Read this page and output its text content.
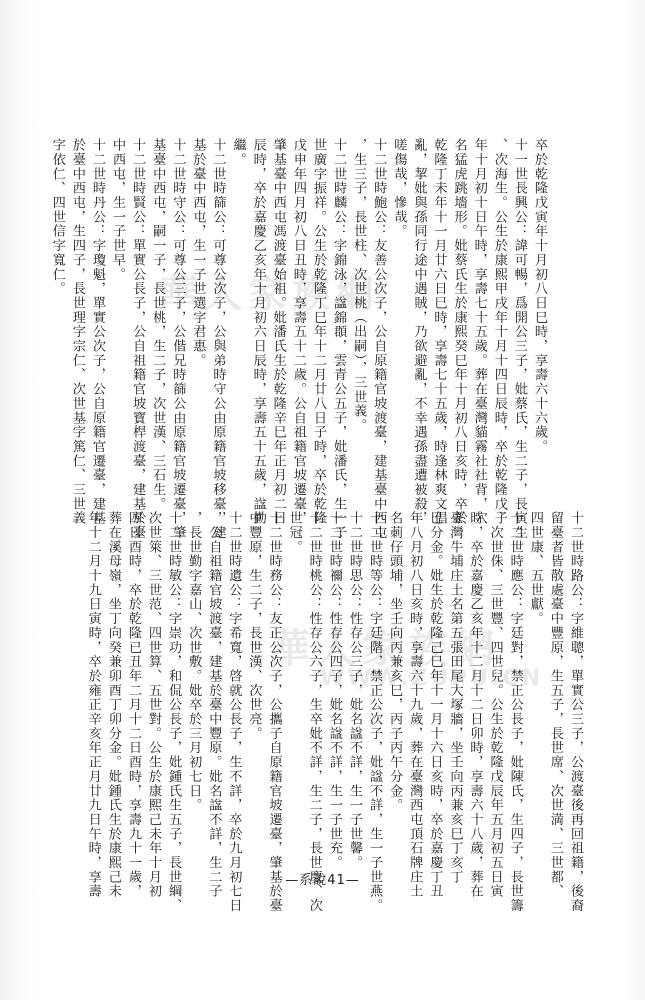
華人家族網
華人家族網
WWW.ZUPU.CN
卒於乾隆戊寅年十月初八日巳時，享壽六十六歲。
十一世長興公：諱可暢，爲開公三子，妣蔡氏，生二子，長寅生
、次海生。公生於康熙甲戌年十月十四日辰時，卒於乾隆戊子
年十月初十日午時，享壽七十五歲。葬在臺灣貓霧社社背，穴
名猛虎跳墻形。妣蔡氏生於康熙癸巳年十月初八日亥時，卒於
乾隆丁未年十一月廿六日巳時，享壽七十五歲，時逢林爽文倡
亂，挈妣與孫同行途中遇賊，乃欲避亂，不幸遇孫盡遭被殺，
嗟傷哉，慘哉。
十二世時鮑公：友善公次子，公自原籍官坡渡臺，建基臺中西屯
，生三子，長世柱、次世桃（出嗣），三世義。
十二世時麟公：字錦泳，諡錦頵，雲青公五子，妣潘氏，生一子
世廣字振祥。公生於乾隆丁巳年十二月廿八日子時，卒於乾隆
戊申年四月初八日丑時，享壽五十二歲。公自祖籍官坡遷臺，
肇基臺中西屯馮渡臺始祖。妣潘氏生於乾隆辛巳年正月初二日
辰時，卒於嘉慶乙亥年十月初六日辰時，享壽五十五歲，諡勤
繼。
十二世時篩公：可尊公次子，公與弟時守公由原籍官坡移臺，建
基於臺中西屯，生一子世選字君惠。
十二世時守公：可尊公三子，公偕兄時篩公由原籍官坡遷臺，肇
基臺中西屯，嗣一子，長世桃，生二子，次世漢、三石生。
十二世時賢公：單實公長子，公自祖籍官坡寶桿渡臺，建基於臺
中西屯，生一子世早。
十二世時丹公：字瓊魁，單實公次子，公自原籍官遷臺，建基
於臺中西屯，生四子，長世理字宗仁、次世基字篤仁、三世義
字依仁、四世信字寬仁。
十二世時路公：字維聰，單實公三子，公渡臺後再回祖籍，後裔
留臺者皆散處臺中豐原，生五子，長世席、次世満、三世都、
四世康、五世獻。
十二世時應公：字廷對，禁正公長子，妣陳氏，生四子，長世籌
、次世侏、三世豐、四世兒。公生於乾隆戊辰年五月初五日寅
時，卒於嘉慶乙亥年十二月十二日卯時，享壽六十八歲，葬在
臺灣牛埔庄土名第五張田尾大塚牆，坐壬向丙兼亥巳丁亥丁
巳分金。妣生於乾隆己巳年十一月十六日亥時，卒於嘉慶丁丑
年八月初八日亥時，享壽六十九歲，葬在臺灣西屯頂石牌庄土
名莿仔頭埔，坐壬向丙兼亥巳，丙子丙午分金。
十二世時等公：字廷階，禁正公次子，妣諡不詳，生一子世燕。
十二世時思公：性存公三子，妣名諡不詳，生一子世馨。
十二世時禰公：性存公四子，妣名諡不詳，生一子世充。
十二世時桃公：性存公六子，生卒妣不詳，生二子，長世慶、次
世冠。
十二世時務公：友正公次子，公攜子自原籍官坡遷臺，肇基於臺
中豐原，生二子，長世漢、次世亮。
十二世時遺公：字希寬，啓就公長子，生不詳，卒於九月初七日
，公自祖籍官坡渡臺，建基於臺中豐原。妣名諡不詳，生二子
，長世勤字嘉山、次世敷。妣卒於三月初七日。
十二世時敏公：字崇功，和侃公長子，妣鍾氏生五子，長世綱、
次世箂、三世范、四世算、五世對。公生於康熙己未年十月初
四日酉時，卒於乾隆已丑年二月十二日酉時，享壽九十一歲，
葬在溪母嶺，坐丁向癸兼卯酉丁卯分金。妣鍾氏生於康熙己未
年十二月十九日寅時，卒於雍正辛亥年正月廿九日午時，享壽	—系說41—
